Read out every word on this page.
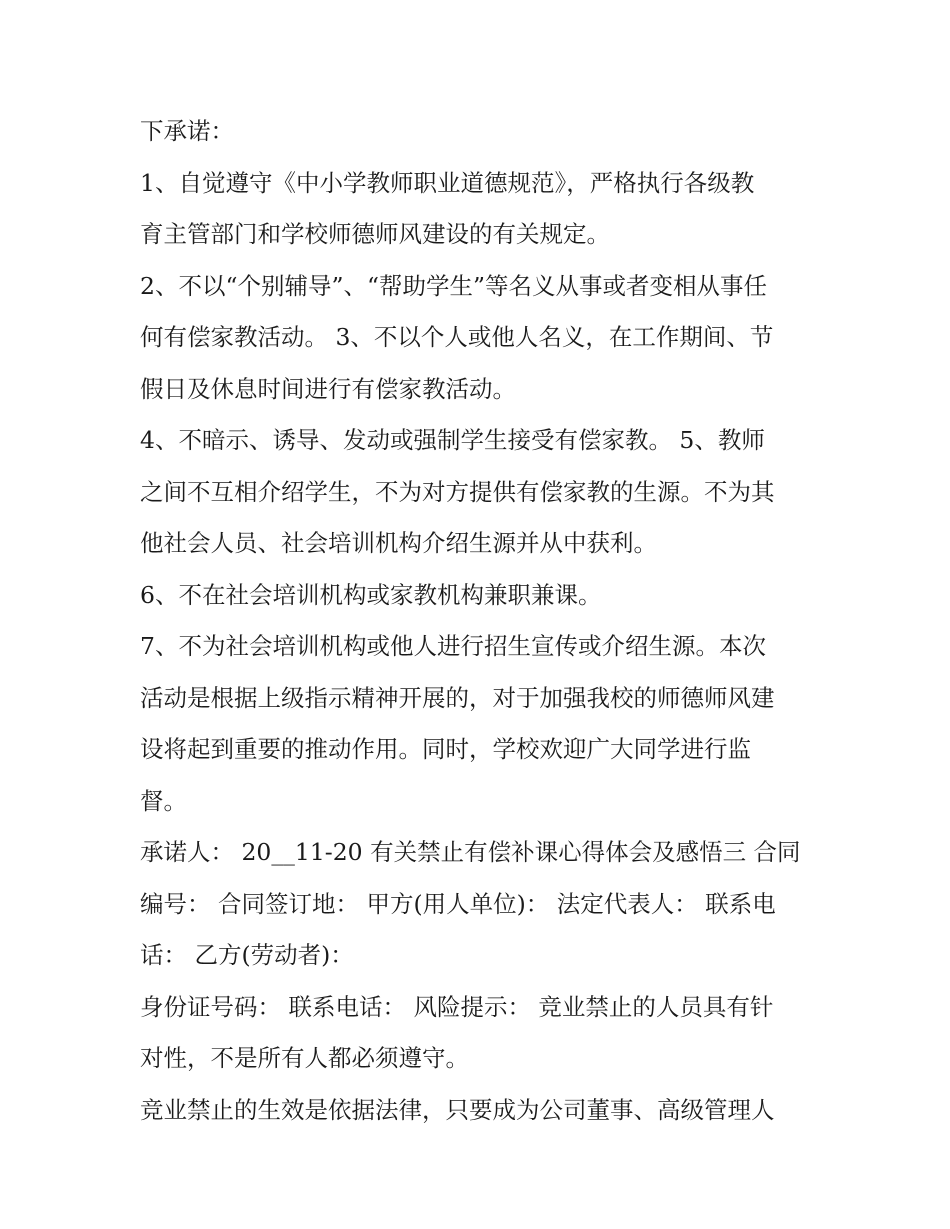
下承诺：
1、自觉遵守《中小学教师职业道德规范》，严格执行各级教
育主管部门和学校师德师风建设的有关规定。
2、不以“个别辅导”、“帮助学生”等名义从事或者变相从事任
何有偿家教活动。 3、不以个人或他人名义，在工作期间、节
假日及休息时间进行有偿家教活动。
4、不暗示、诱导、发动或强制学生接受有偿家教。 5、教师
之间不互相介绍学生，不为对方提供有偿家教的生源。不为其
他社会人员、社会培训机构介绍生源并从中获利。
6、不在社会培训机构或家教机构兼职兼课。
7、不为社会培训机构或他人进行招生宣传或介绍生源。本次
活动是根据上级指示精神开展的，对于加强我校的师德师风建
设将起到重要的推动作用。同时，学校欢迎广大同学进行监
督。
承诺人： 20__11-20 有关禁止有偿补课心得体会及感悟三 合同
编号： 合同签订地： 甲方(用人单位)： 法定代表人： 联系电
话： 乙方(劳动者)：
身份证号码： 联系电话： 风险提示： 竞业禁止的人员具有针
对性，不是所有人都必须遵守。
竞业禁止的生效是依据法律，只要成为公司董事、高级管理人
